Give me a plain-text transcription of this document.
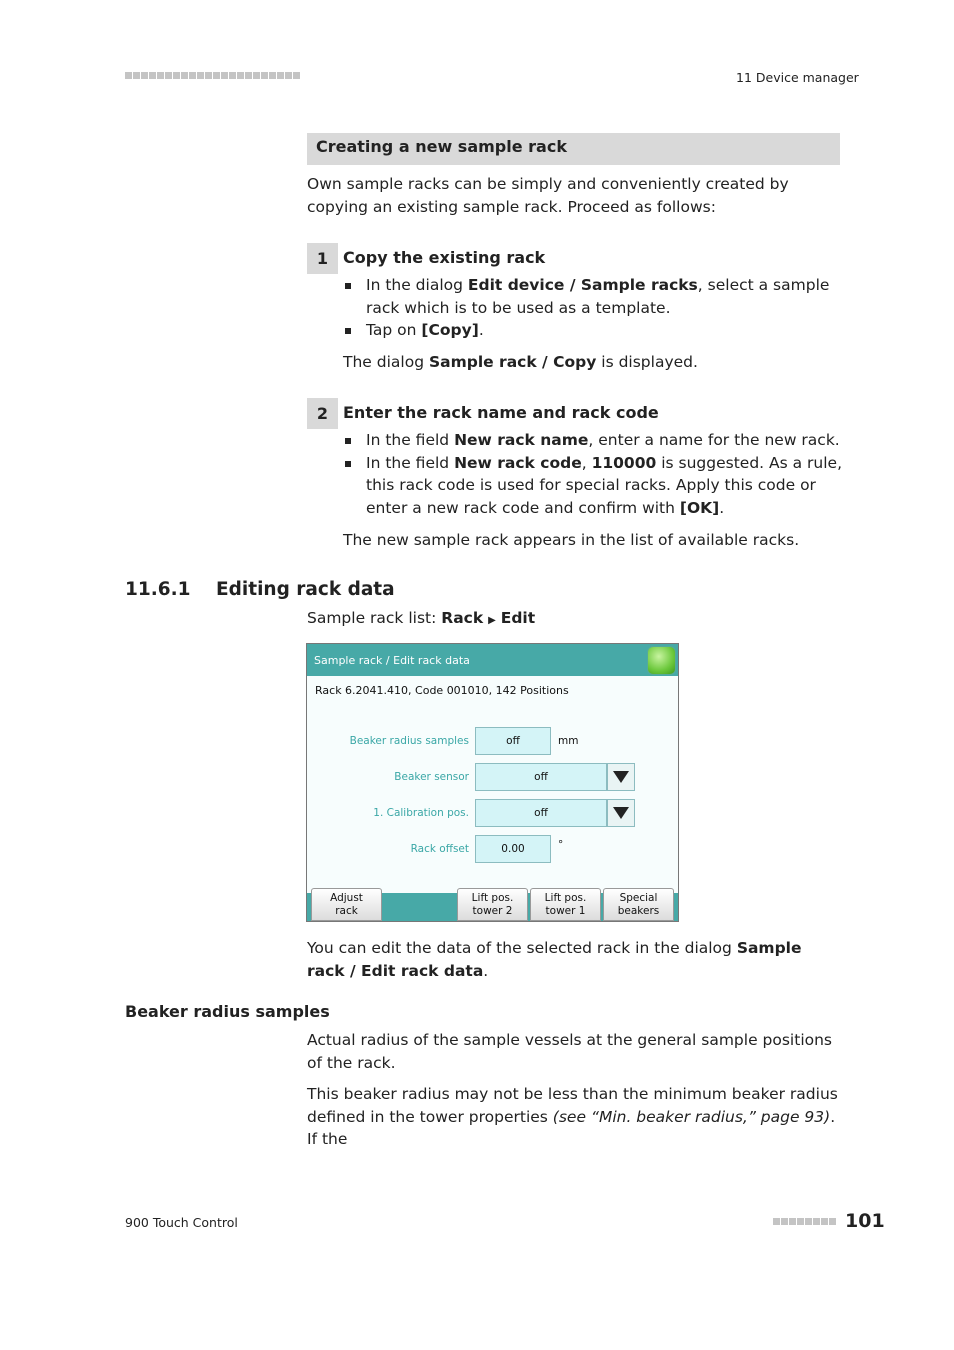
11 Device manager
Creating a new sample rack
Own sample racks can be simply and conveniently created by copying an existing sample rack. Proceed as follows:
1 Copy the existing rack
In the dialog Edit device / Sample racks, select a sample rack which is to be used as a template.
Tap on [Copy].
The dialog Sample rack / Copy is displayed.
2 Enter the rack name and rack code
In the field New rack name, enter a name for the new rack.
In the field New rack code, 110000 is suggested. As a rule, this rack code is used for special racks. Apply this code or enter a new rack code and confirm with [OK].
The new sample rack appears in the list of available racks.
11.6.1 Editing rack data
Sample rack list: Rack ▶ Edit
Sample rack / Edit rack data
Rack 6.2041.410, Code 001010, 142 Positions
Beaker radius samples	off	mm
Beaker sensor	off
1. Calibration pos.	off
Rack offset	0.00	°
Adjust
rack
Lift pos.
tower 2
Lift pos.
tower 1
Special
beakers
You can edit the data of the selected rack in the dialog Sample rack / Edit rack data.
Beaker radius samples
Actual radius of the sample vessels at the general sample positions of the rack.
This beaker radius may not be less than the minimum beaker radius defined in the tower properties (see “Min. beaker radius,” page 93). If the
900 Touch Control	101
